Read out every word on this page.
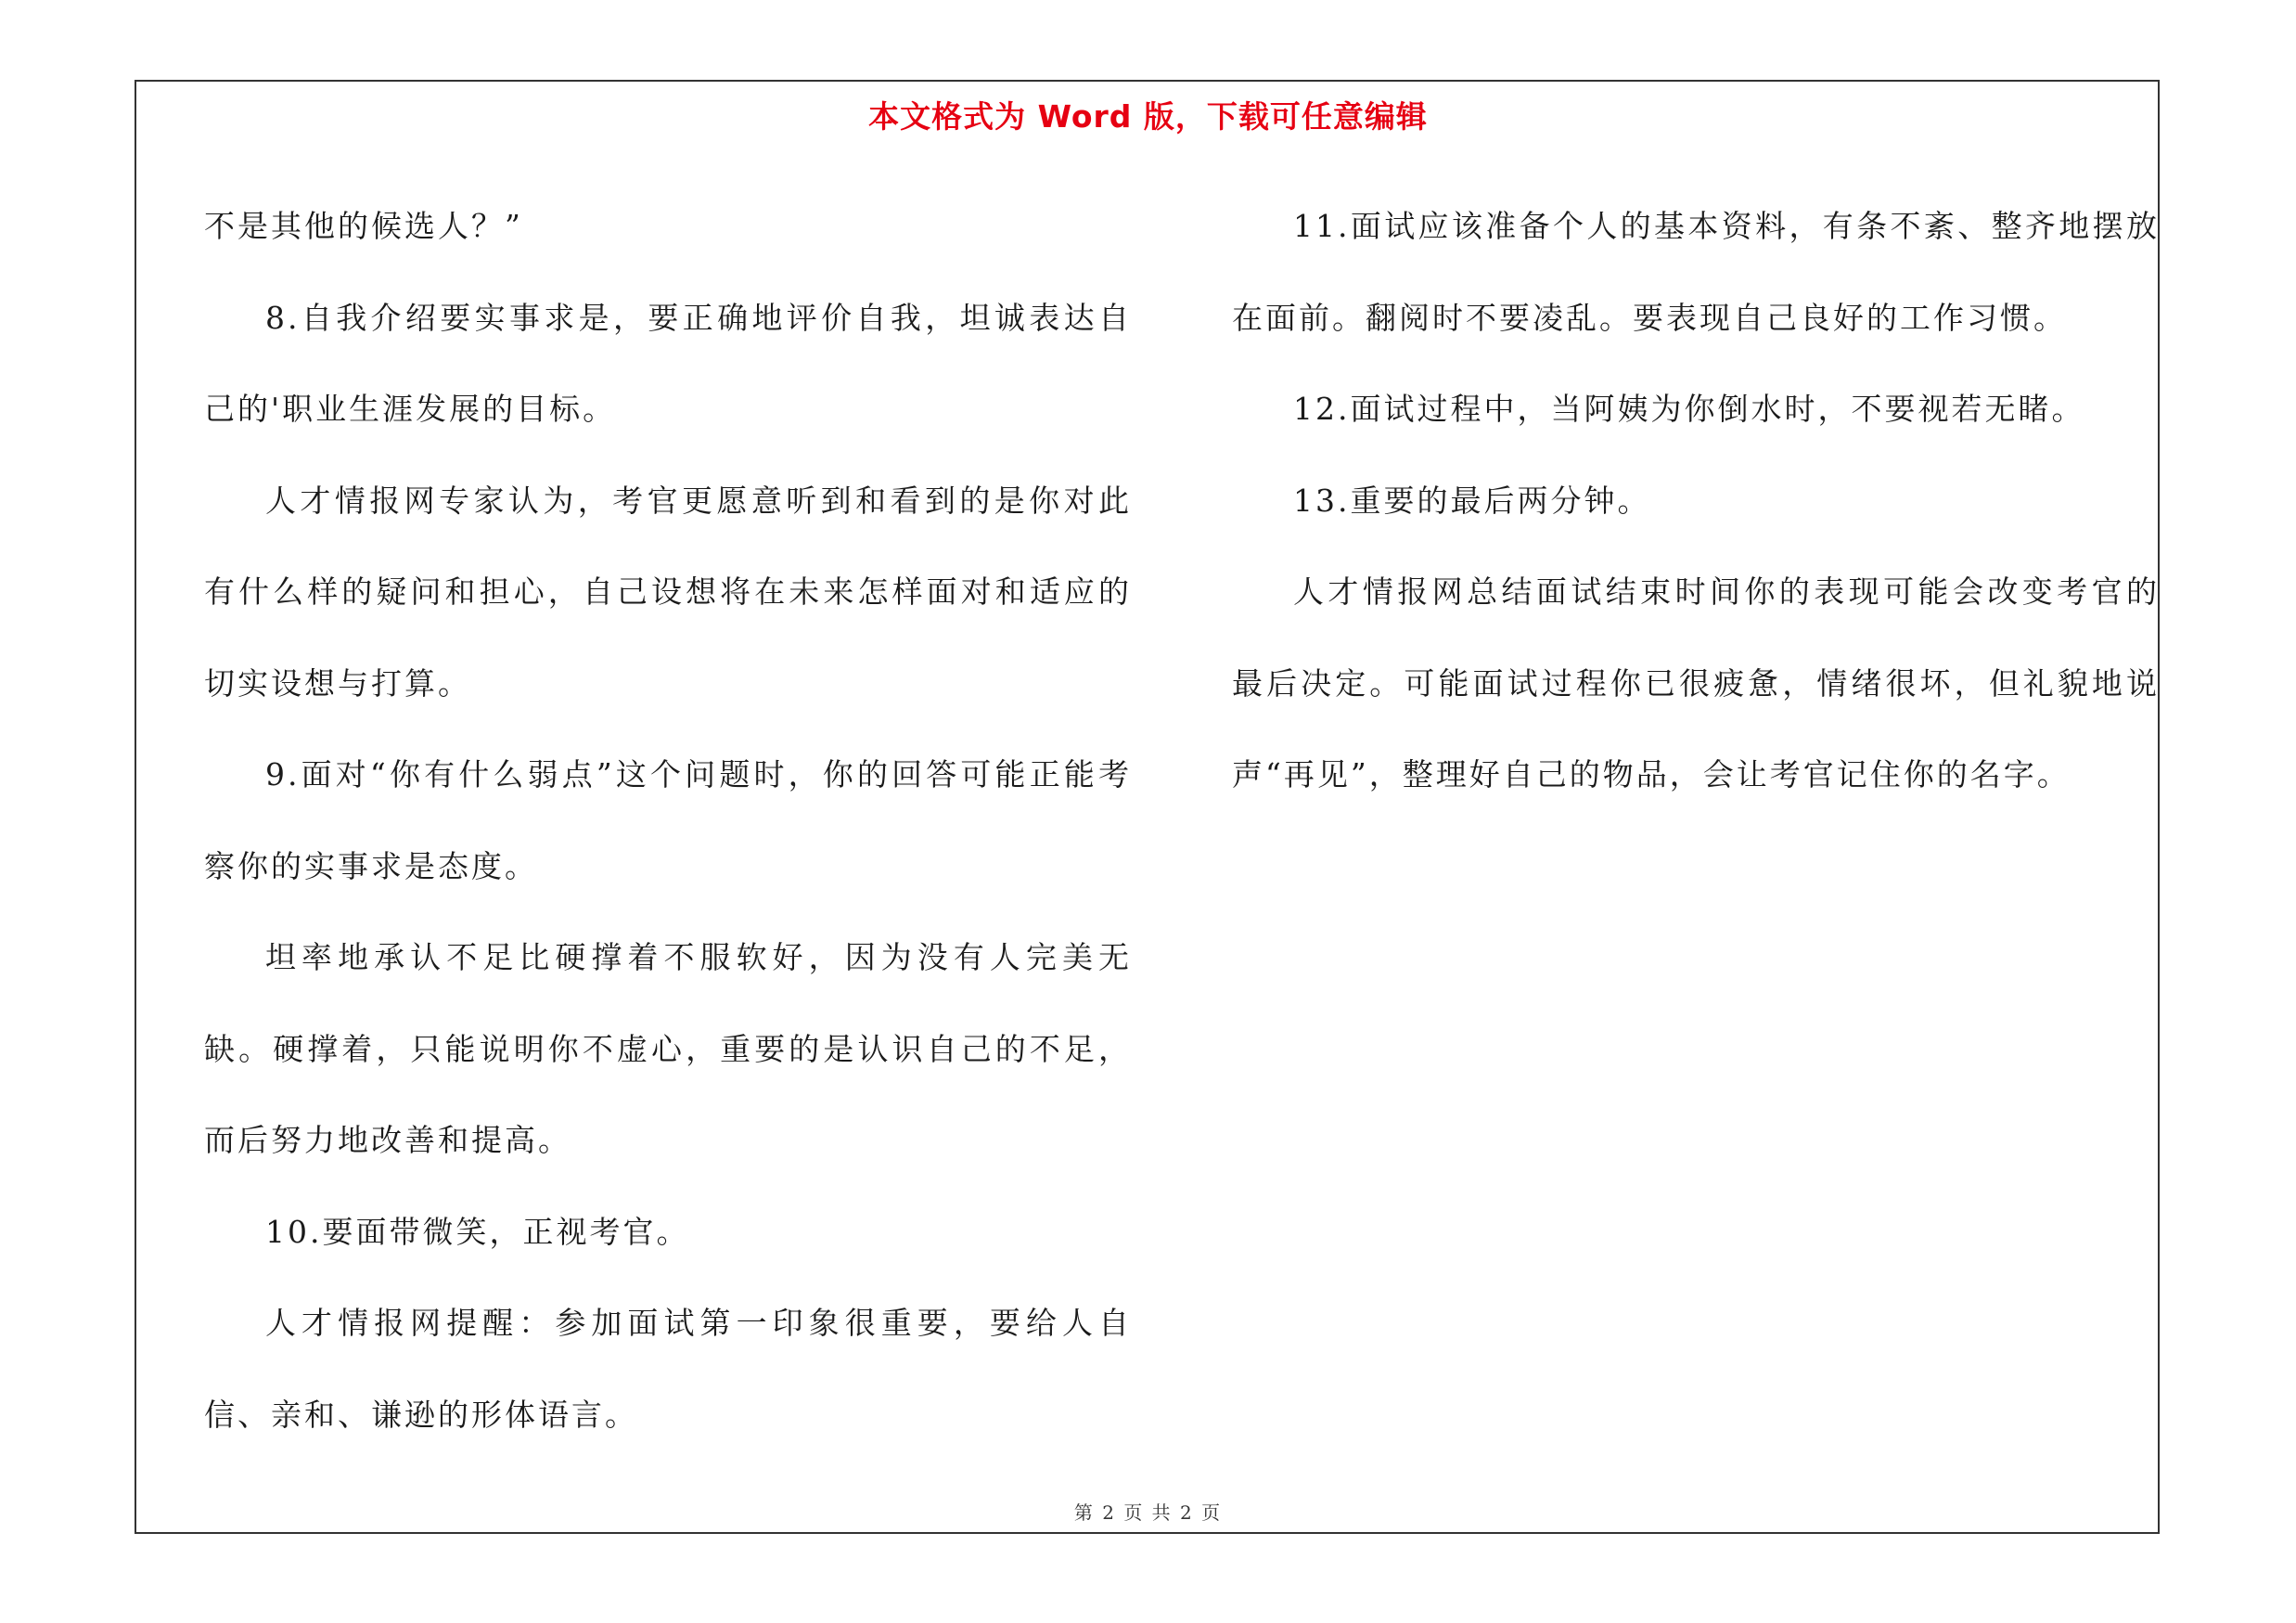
本文格式为 Word 版，下载可任意编辑

不是其他的候选人？”

8.自我介绍要实事求是，要正确地评价自我，坦诚表达自己的'职业生涯发展的目标。

人才情报网专家认为，考官更愿意听到和看到的是你对此有什么样的疑问和担心，自己设想将在未来怎样面对和适应的切实设想与打算。

9.面对“你有什么弱点”这个问题时，你的回答可能正能考察你的实事求是态度。

坦率地承认不足比硬撑着不服软好，因为没有人完美无缺。硬撑着，只能说明你不虚心，重要的是认识自己的不足，而后努力地改善和提高。

10.要面带微笑，正视考官。

人才情报网提醒：参加面试第一印象很重要，要给人自信、亲和、谦逊的形体语言。

11.面试应该准备个人的基本资料，有条不紊、整齐地摆放在面前。翻阅时不要凌乱。要表现自己良好的工作习惯。

12.面试过程中，当阿姨为你倒水时，不要视若无睹。

13.重要的最后两分钟。

人才情报网总结面试结束时间你的表现可能会改变考官的最后决定。可能面试过程你已很疲惫，情绪很坏，但礼貌地说声“再见”，整理好自己的物品，会让考官记住你的名字。

第 2 页 共 2 页
